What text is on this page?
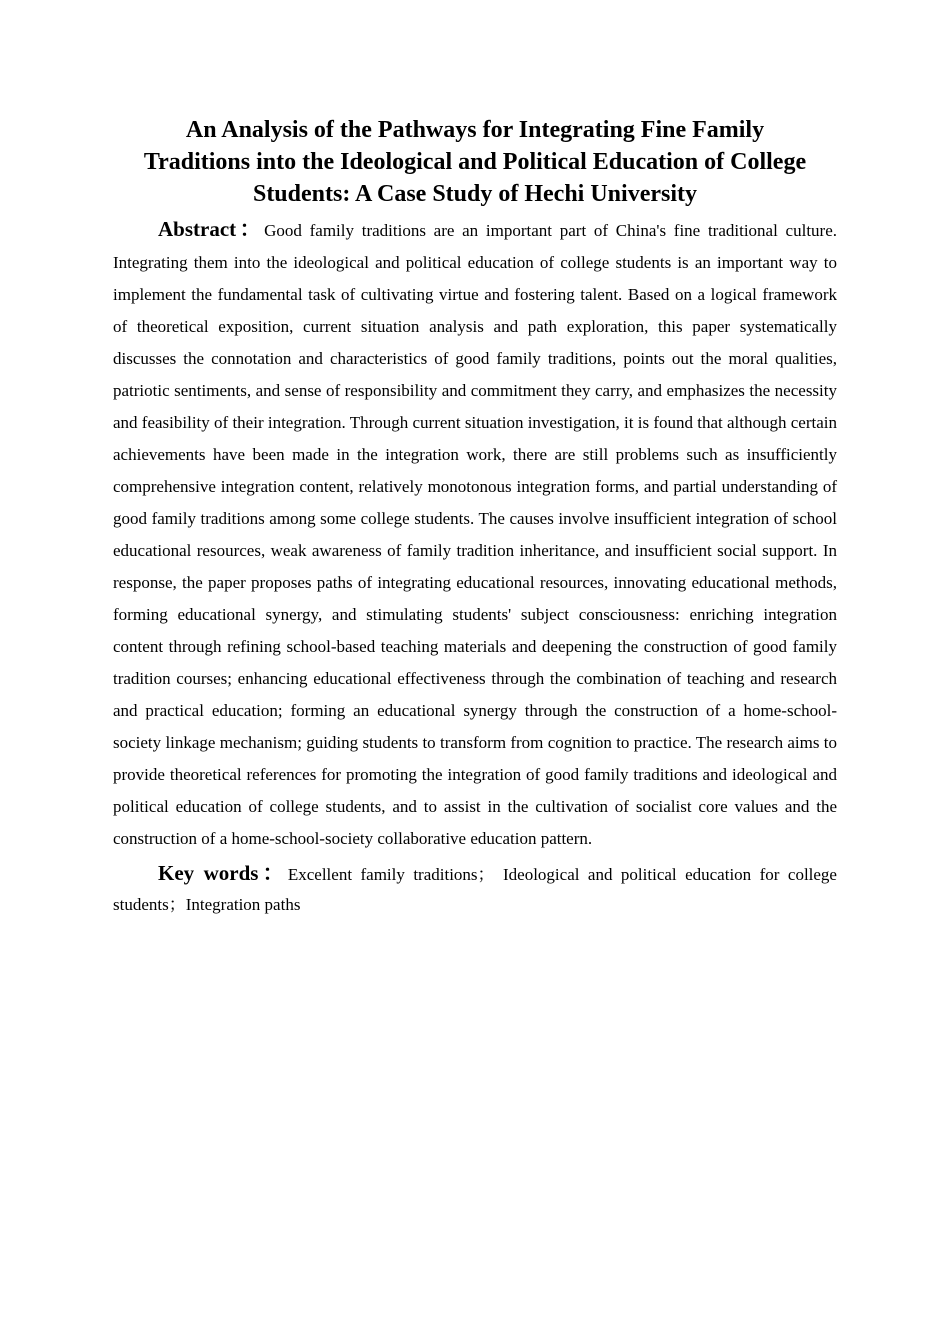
An Analysis of the Pathways for Integrating Fine Family
Traditions into the Ideological and Political Education of College
Students: A Case Study of Hechi University

Abstract：Good family traditions are an important part of China's fine traditional culture. Integrating them into the ideological and political education of college students is an important way to implement the fundamental task of cultivating virtue and fostering talent. Based on a logical framework of theoretical exposition, current situation analysis and path exploration, this paper systematically discusses the connotation and characteristics of good family traditions, points out the moral qualities, patriotic sentiments, and sense of responsibility and commitment they carry, and emphasizes the necessity and feasibility of their integration. Through current situation investigation, it is found that although certain achievements have been made in the integration work, there are still problems such as insufficiently comprehensive integration content, relatively monotonous integration forms, and partial understanding of good family traditions among some college students. The causes involve insufficient integration of school educational resources, weak awareness of family tradition inheritance, and insufficient social support. In response, the paper proposes paths of integrating educational resources, innovating educational methods, forming educational synergy, and stimulating students' subject consciousness: enriching integration content through refining school-based teaching materials and deepening the construction of good family tradition courses; enhancing educational effectiveness through the combination of teaching and research and practical education; forming an educational synergy through the construction of a home-school-society linkage mechanism; guiding students to transform from cognition to practice. The research aims to provide theoretical references for promoting the integration of good family traditions and ideological and political education of college students, and to assist in the cultivation of socialist core values and the construction of a home-school-society collaborative education pattern.

Key words：Excellent family traditions； Ideological and political education for college students；Integration paths
